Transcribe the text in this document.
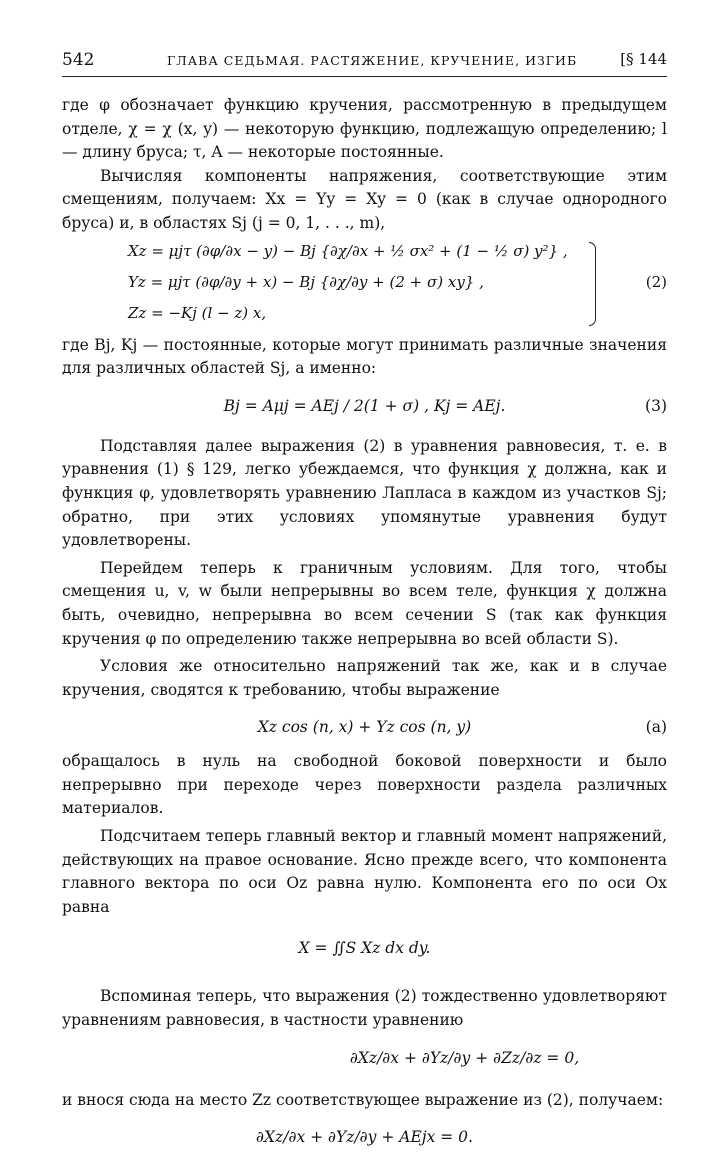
542	ГЛАВА СЕДЬМАЯ. РАСТЯЖЕНИЕ, КРУЧЕНИЕ, ИЗГИБ	[§ 144

где φ обозначает функцию кручения, рассмотренную в предыдущем отделе, χ = χ (x, y) — некоторую функцию, подлежащую определению; l — длину бруса; τ, A — некоторые постоянные.

Вычисляя компоненты напряжения, соответствующие этим смещениям, получаем: Xx = Yy = Xy = 0 (как в случае однородного бруса) и, в областях Sj (j = 0, 1, . . ., m),

Xz = μjτ (∂φ/∂x − y) − Bj {∂χ/∂x + ½ σx² + (1 − ½ σ) y²} ,
Yz = μjτ (∂φ/∂y + x) − Bj {∂χ/∂y + (2 + σ) xy} ,
Zz = −Kj (l − z) x,
(2)

где Bj, Kj — постоянные, которые могут принимать различные значения для различных областей Sj, а именно:

Bj = Aμj = AEj / 2(1 + σ) , Kj = AEj.	(3)

Подставляя далее выражения (2) в уравнения равновесия, т. е. в уравнения (1) § 129, легко убеждаемся, что функция χ должна, как и функция φ, удовлетворять уравнению Лапласа в каждом из участков Sj; обратно, при этих условиях упомянутые уравнения будут удовлетворены.

Перейдем теперь к граничным условиям. Для того, чтобы смещения u, v, w были непрерывны во всем теле, функция χ должна быть, очевидно, непрерывна во всем сечении S (так как функция кручения φ по определению также непрерывна во всей области S).

Условия же относительно напряжений так же, как и в случае кручения, сводятся к требованию, чтобы выражение

Xz cos (n, x) + Yz cos (n, y)	(a)

обращалось в нуль на свободной боковой поверхности и было непрерывно при переходе через поверхности раздела различных материалов.

Подсчитаем теперь главный вектор и главный момент напряжений, действующих на правое основание. Ясно прежде всего, что компонента главного вектора по оси Oz равна нулю. Компонента его по оси Ox равна

X = ∬S Xz dx dy.

Вспоминая теперь, что выражения (2) тождественно удовлетворяют уравнениям равновесия, в частности уравнению

∂Xz/∂x + ∂Yz/∂y + ∂Zz/∂z = 0,

и внося сюда на место Zz соответствующее выражение из (2), получаем:

∂Xz/∂x + ∂Yz/∂y + AEjx = 0.
